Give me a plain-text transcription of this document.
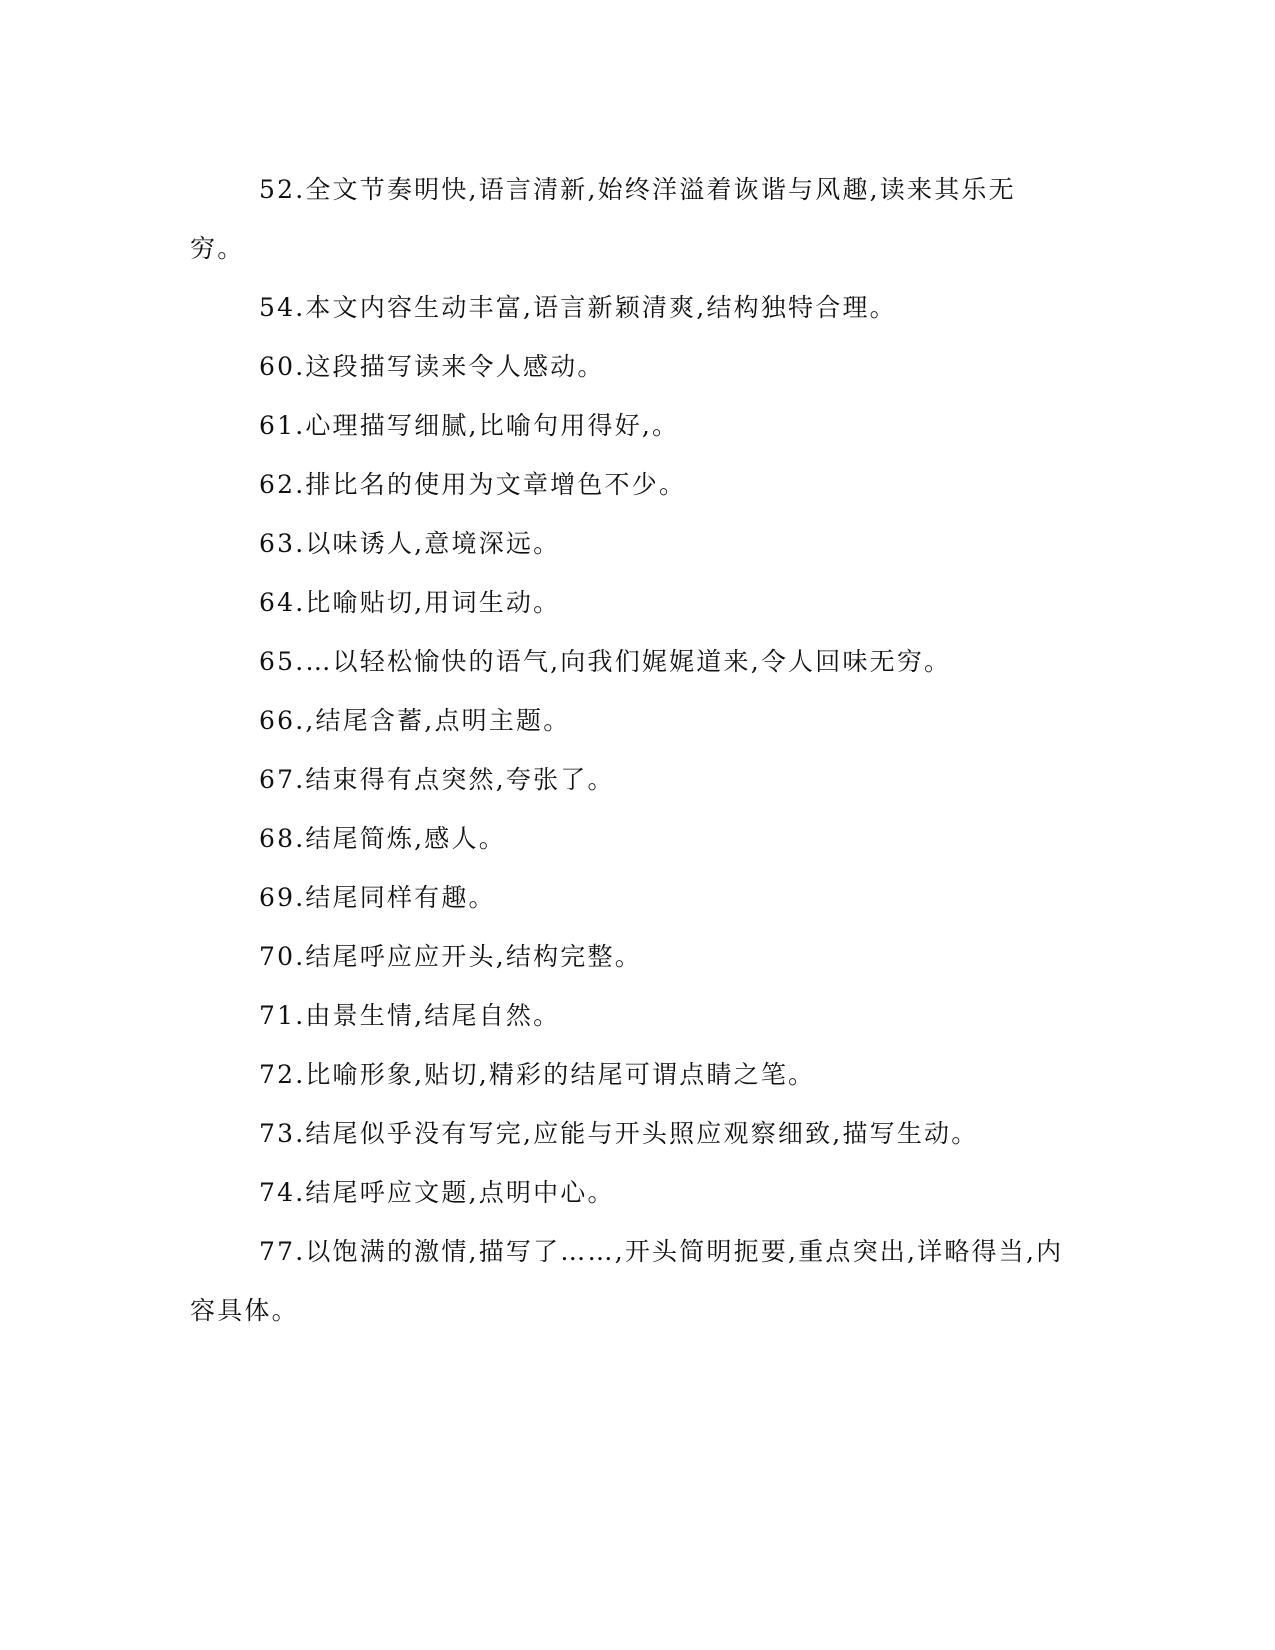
52.全文节奏明快,语言清新,始终洋溢着诙谐与风趣,读来其乐无穷。

54.本文内容生动丰富,语言新颖清爽,结构独特合理。

60.这段描写读来令人感动。

61.心理描写细腻,比喻句用得好,。

62.排比名的使用为文章增色不少。

63.以味诱人,意境深远。

64.比喻贴切,用词生动。

65.…以轻松愉快的语气,向我们娓娓道来,令人回味无穷。

66.,结尾含蓄,点明主题。

67.结束得有点突然,夸张了。

68.结尾简炼,感人。

69.结尾同样有趣。

70.结尾呼应应开头,结构完整。

71.由景生情,结尾自然。

72.比喻形象,贴切,精彩的结尾可谓点睛之笔。

73.结尾似乎没有写完,应能与开头照应观察细致,描写生动。

74.结尾呼应文题,点明中心。

77.以饱满的激情,描写了……,开头简明扼要,重点突出,详略得当,内容具体。
